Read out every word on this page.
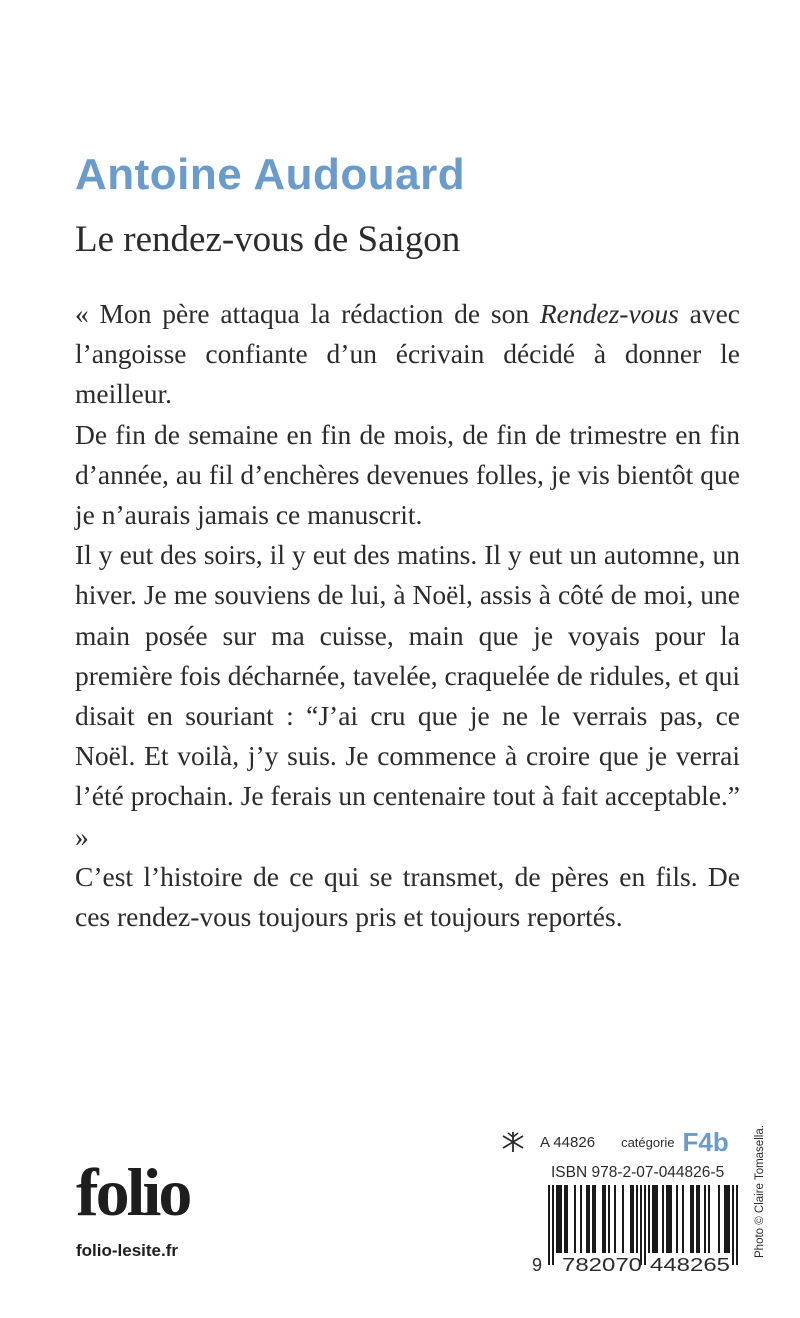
Antoine Audouard
Le rendez-vous de Saigon

« Mon père attaqua la rédaction de son Rendez-vous avec l’angoisse confiante d’un écrivain décidé à donner le meilleur.

De fin de semaine en fin de mois, de fin de trimestre en fin d’année, au fil d’enchères devenues folles, je vis bientôt que je n’aurais jamais ce manuscrit.

Il y eut des soirs, il y eut des matins. Il y eut un automne, un hiver. Je me souviens de lui, à Noël, assis à côté de moi, une main posée sur ma cuisse, main que je voyais pour la première fois décharnée, tavelée, craquelée de ridules, et qui disait en souriant : “J’ai cru que je ne le verrais pas, ce Noël. Et voilà, j’y suis. Je commence à croire que je verrai l’été prochain. Je ferais un centenaire tout à fait acceptable.” »

C’est l’histoire de ce qui se transmet, de pères en fils. De ces rendez-vous toujours pris et toujours reportés.

folio
folio-lesite.fr
A 44826 catégorie F4b
ISBN 978-2-07-044826-5
9 782070 448265
Photo © Claire Tomasella.
